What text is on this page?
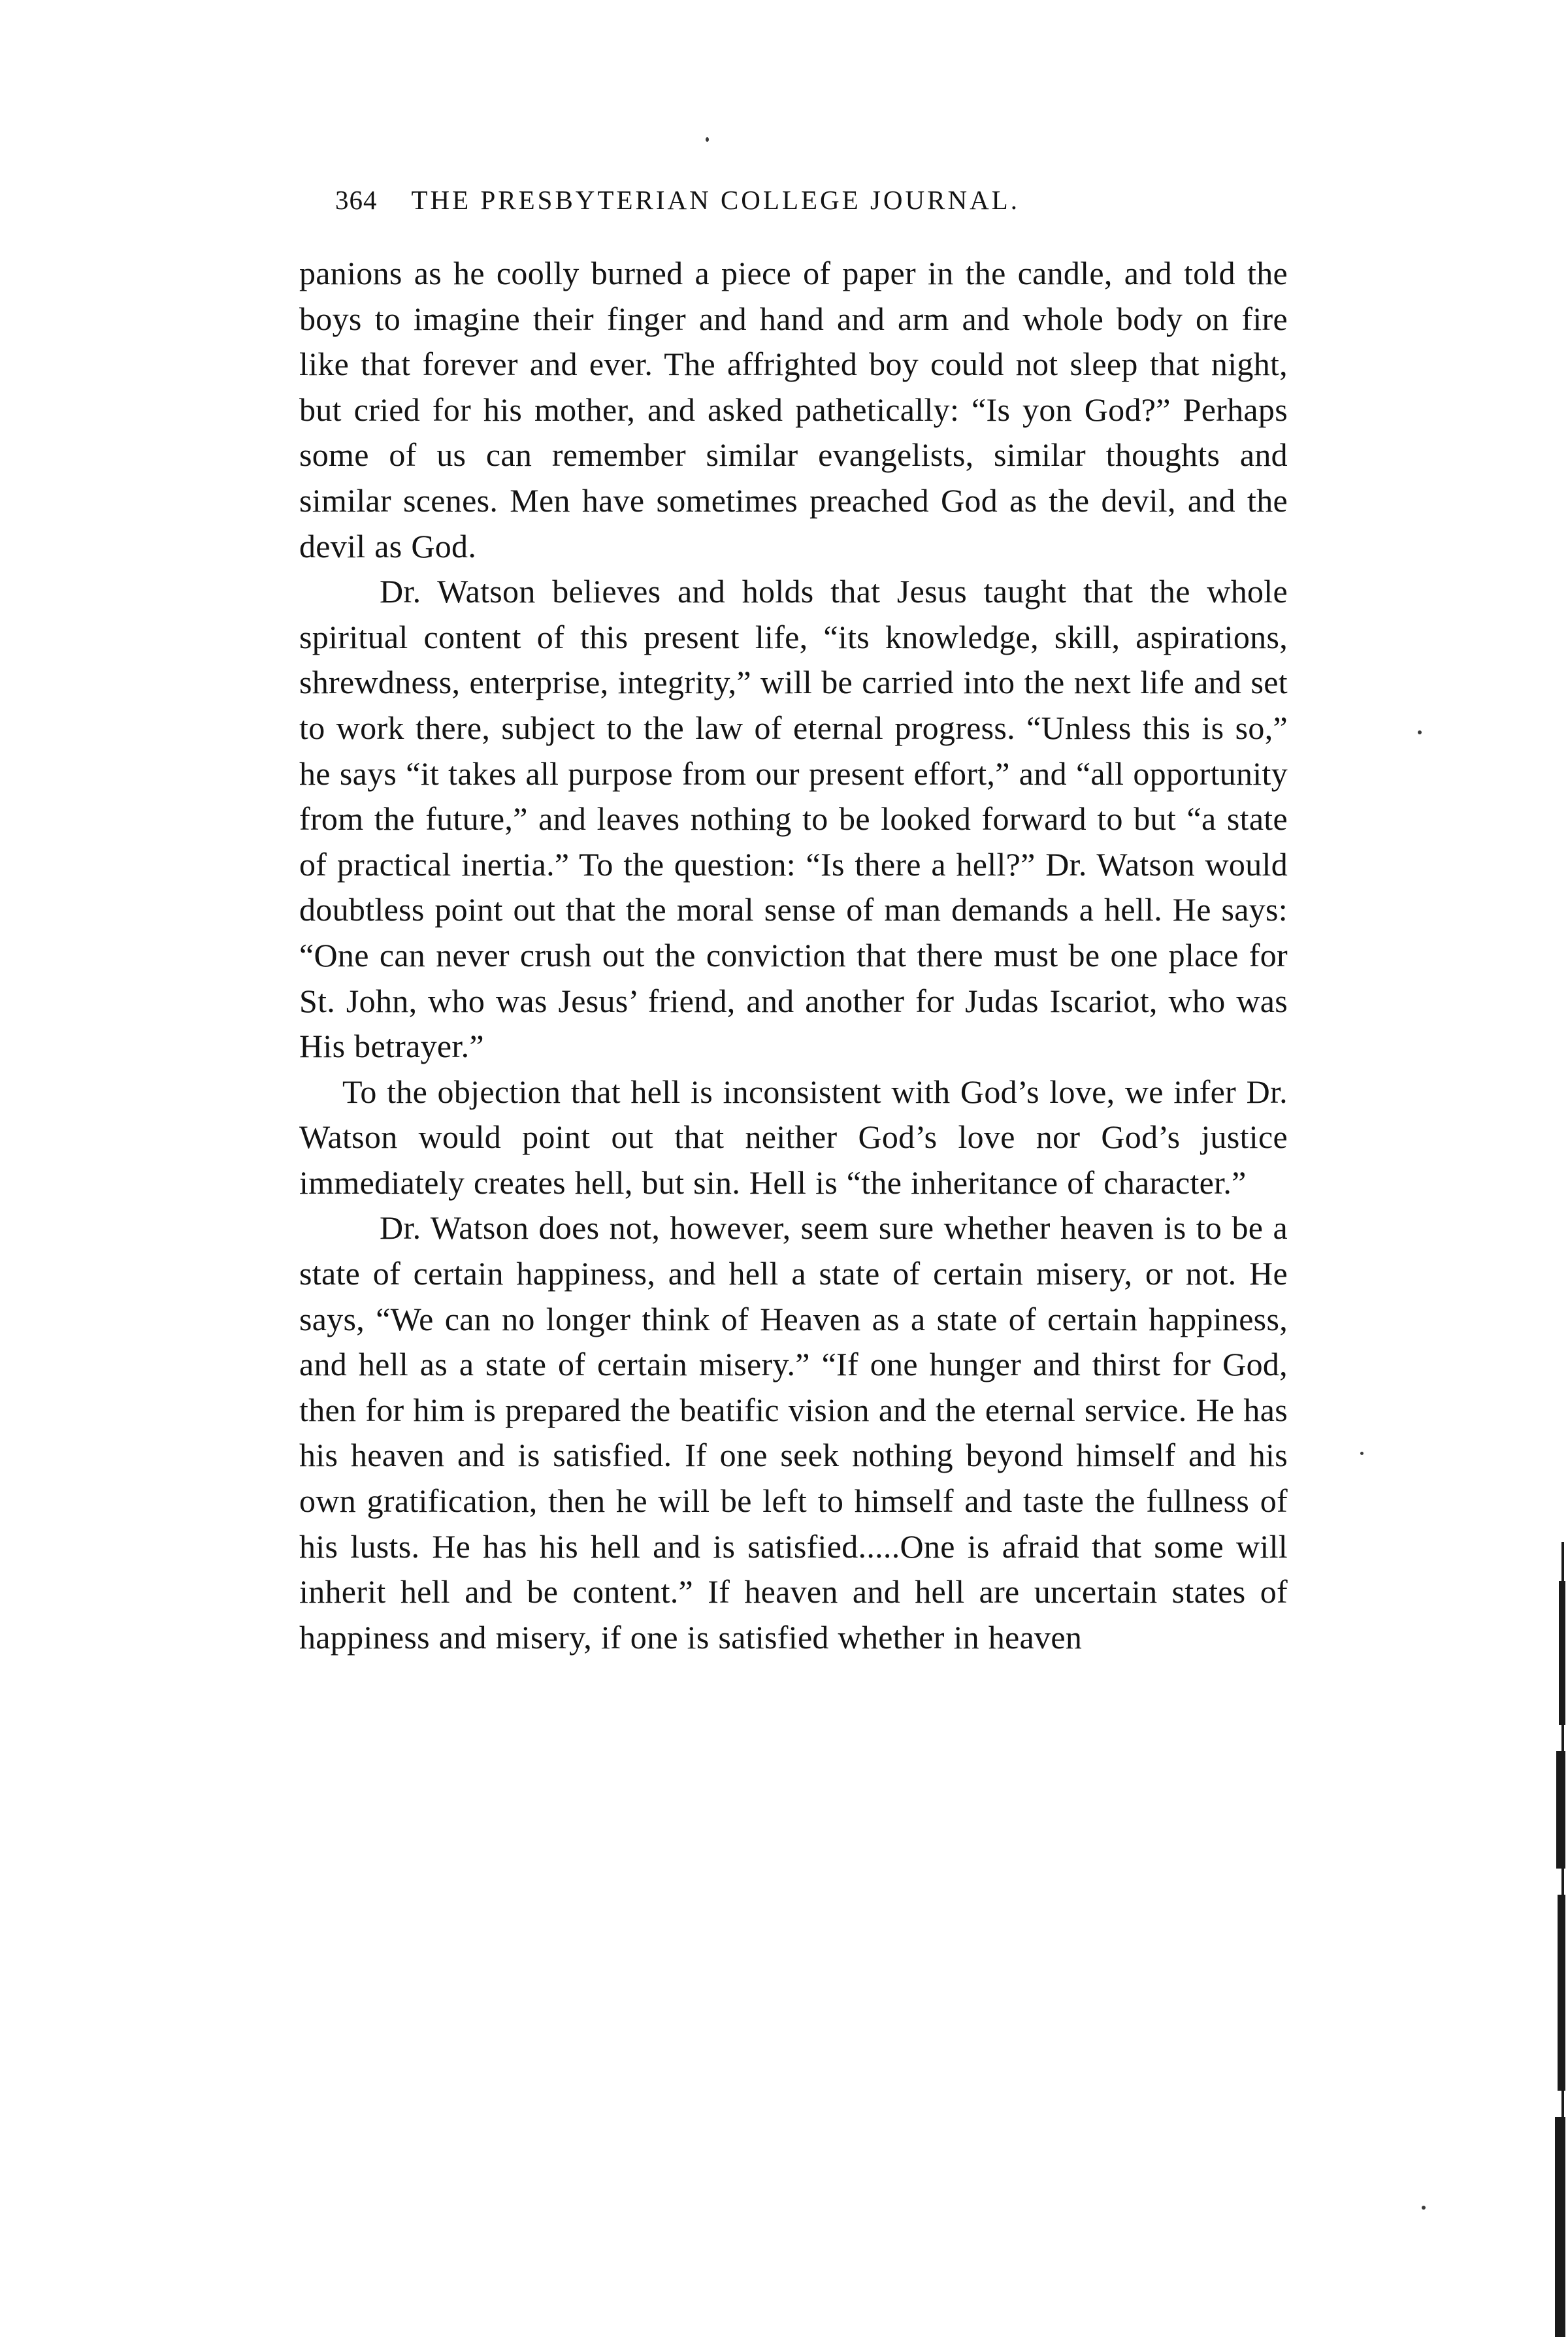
364 THE PRESBYTERIAN COLLEGE JOURNAL.

panions as he coolly burned a piece of paper in the candle, and told the boys to imagine their finger and hand and arm and whole body on fire like that forever and ever. The affrighted boy could not sleep that night, but cried for his mother, and asked pathetically: “Is yon God?” Perhaps some of us can remember similar evangelists, similar thoughts and similar scenes. Men have sometimes preached God as the devil, and the devil as God.

Dr. Watson believes and holds that Jesus taught that the whole spiritual content of this present life, “its knowledge, skill, aspirations, shrewdness, enterprise, integrity,” will be carried into the next life and set to work there, subject to the law of eternal progress. “Unless this is so,” he says “it takes all purpose from our present effort,” and “all opportunity from the future,” and leaves nothing to be looked forward to but “a state of practical inertia.” To the question: “Is there a hell?” Dr. Watson would doubtless point out that the moral sense of man demands a hell. He says: “One can never crush out the conviction that there must be one place for St. John, who was Jesus’ friend, and another for Judas Iscariot, who was His betrayer.”

To the objection that hell is inconsistent with God’s love, we infer Dr. Watson would point out that neither God’s love nor God’s justice immediately creates hell, but sin. Hell is “the inheritance of character.”

Dr. Watson does not, however, seem sure whether heaven is to be a state of certain happiness, and hell a state of certain misery, or not. He says, “We can no longer think of Heaven as a state of certain happiness, and hell as a state of certain misery.” “If one hunger and thirst for God, then for him is prepared the beatific vision and the eternal service. He has his heaven and is satisfied. If one seek nothing beyond himself and his own gratification, then he will be left to himself and taste the fullness of his lusts. He has his hell and is satisfied.....One is afraid that some will inherit hell and be content.” If heaven and hell are uncertain states of happiness and misery, if one is satisfied whether in heaven
